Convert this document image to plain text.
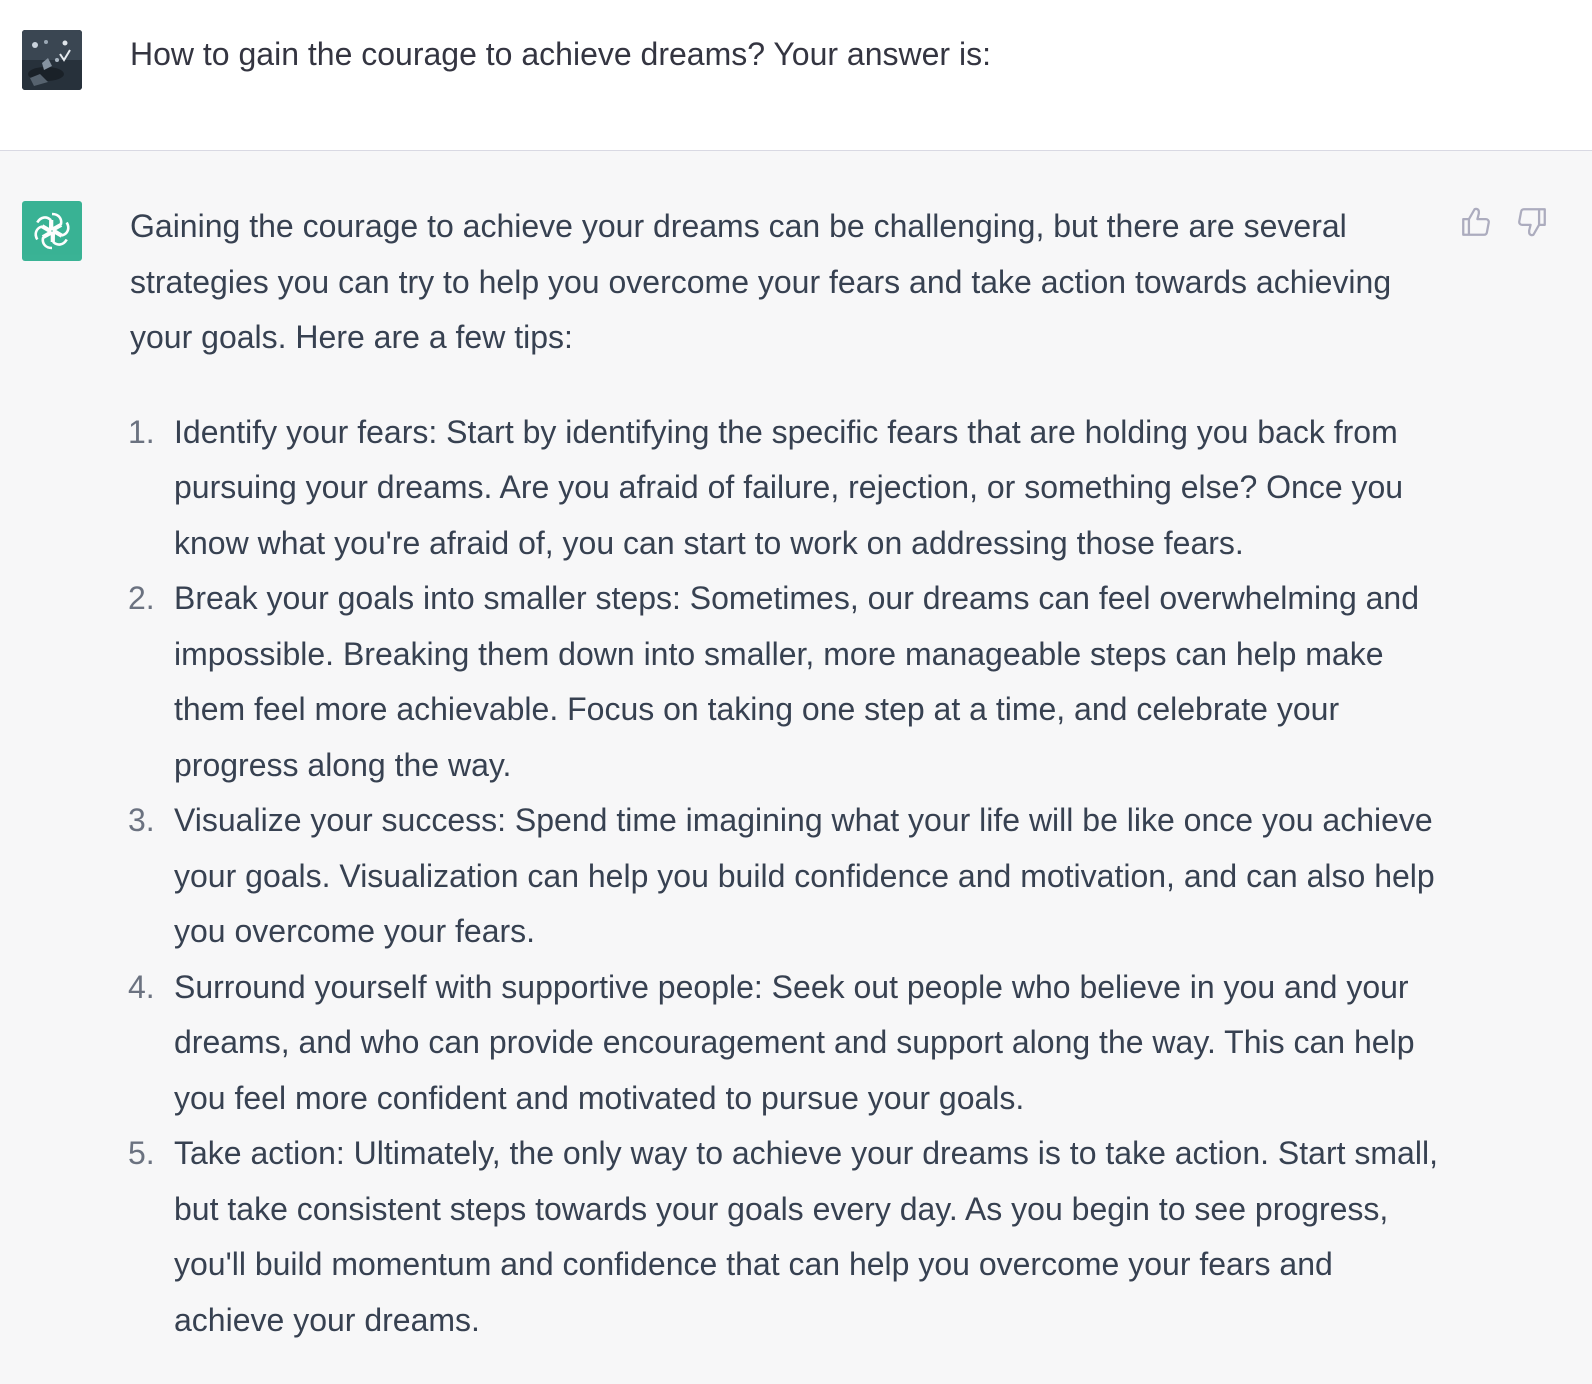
How to gain the courage to achieve dreams? Your answer is:

Gaining the courage to achieve your dreams can be challenging, but there are several strategies you can try to help you overcome your fears and take action towards achieving your goals. Here are a few tips:

Identify your fears: Start by identifying the specific fears that are holding you back from pursuing your dreams. Are you afraid of failure, rejection, or something else? Once you know what you're afraid of, you can start to work on addressing those fears.
Break your goals into smaller steps: Sometimes, our dreams can feel overwhelming and impossible. Breaking them down into smaller, more manageable steps can help make them feel more achievable. Focus on taking one step at a time, and celebrate your progress along the way.
Visualize your success: Spend time imagining what your life will be like once you achieve your goals. Visualization can help you build confidence and motivation, and can also help you overcome your fears.
Surround yourself with supportive people: Seek out people who believe in you and your dreams, and who can provide encouragement and support along the way. This can help you feel more confident and motivated to pursue your goals.
Take action: Ultimately, the only way to achieve your dreams is to take action. Start small, but take consistent steps towards your goals every day. As you begin to see progress, you'll build momentum and confidence that can help you overcome your fears and achieve your dreams.
